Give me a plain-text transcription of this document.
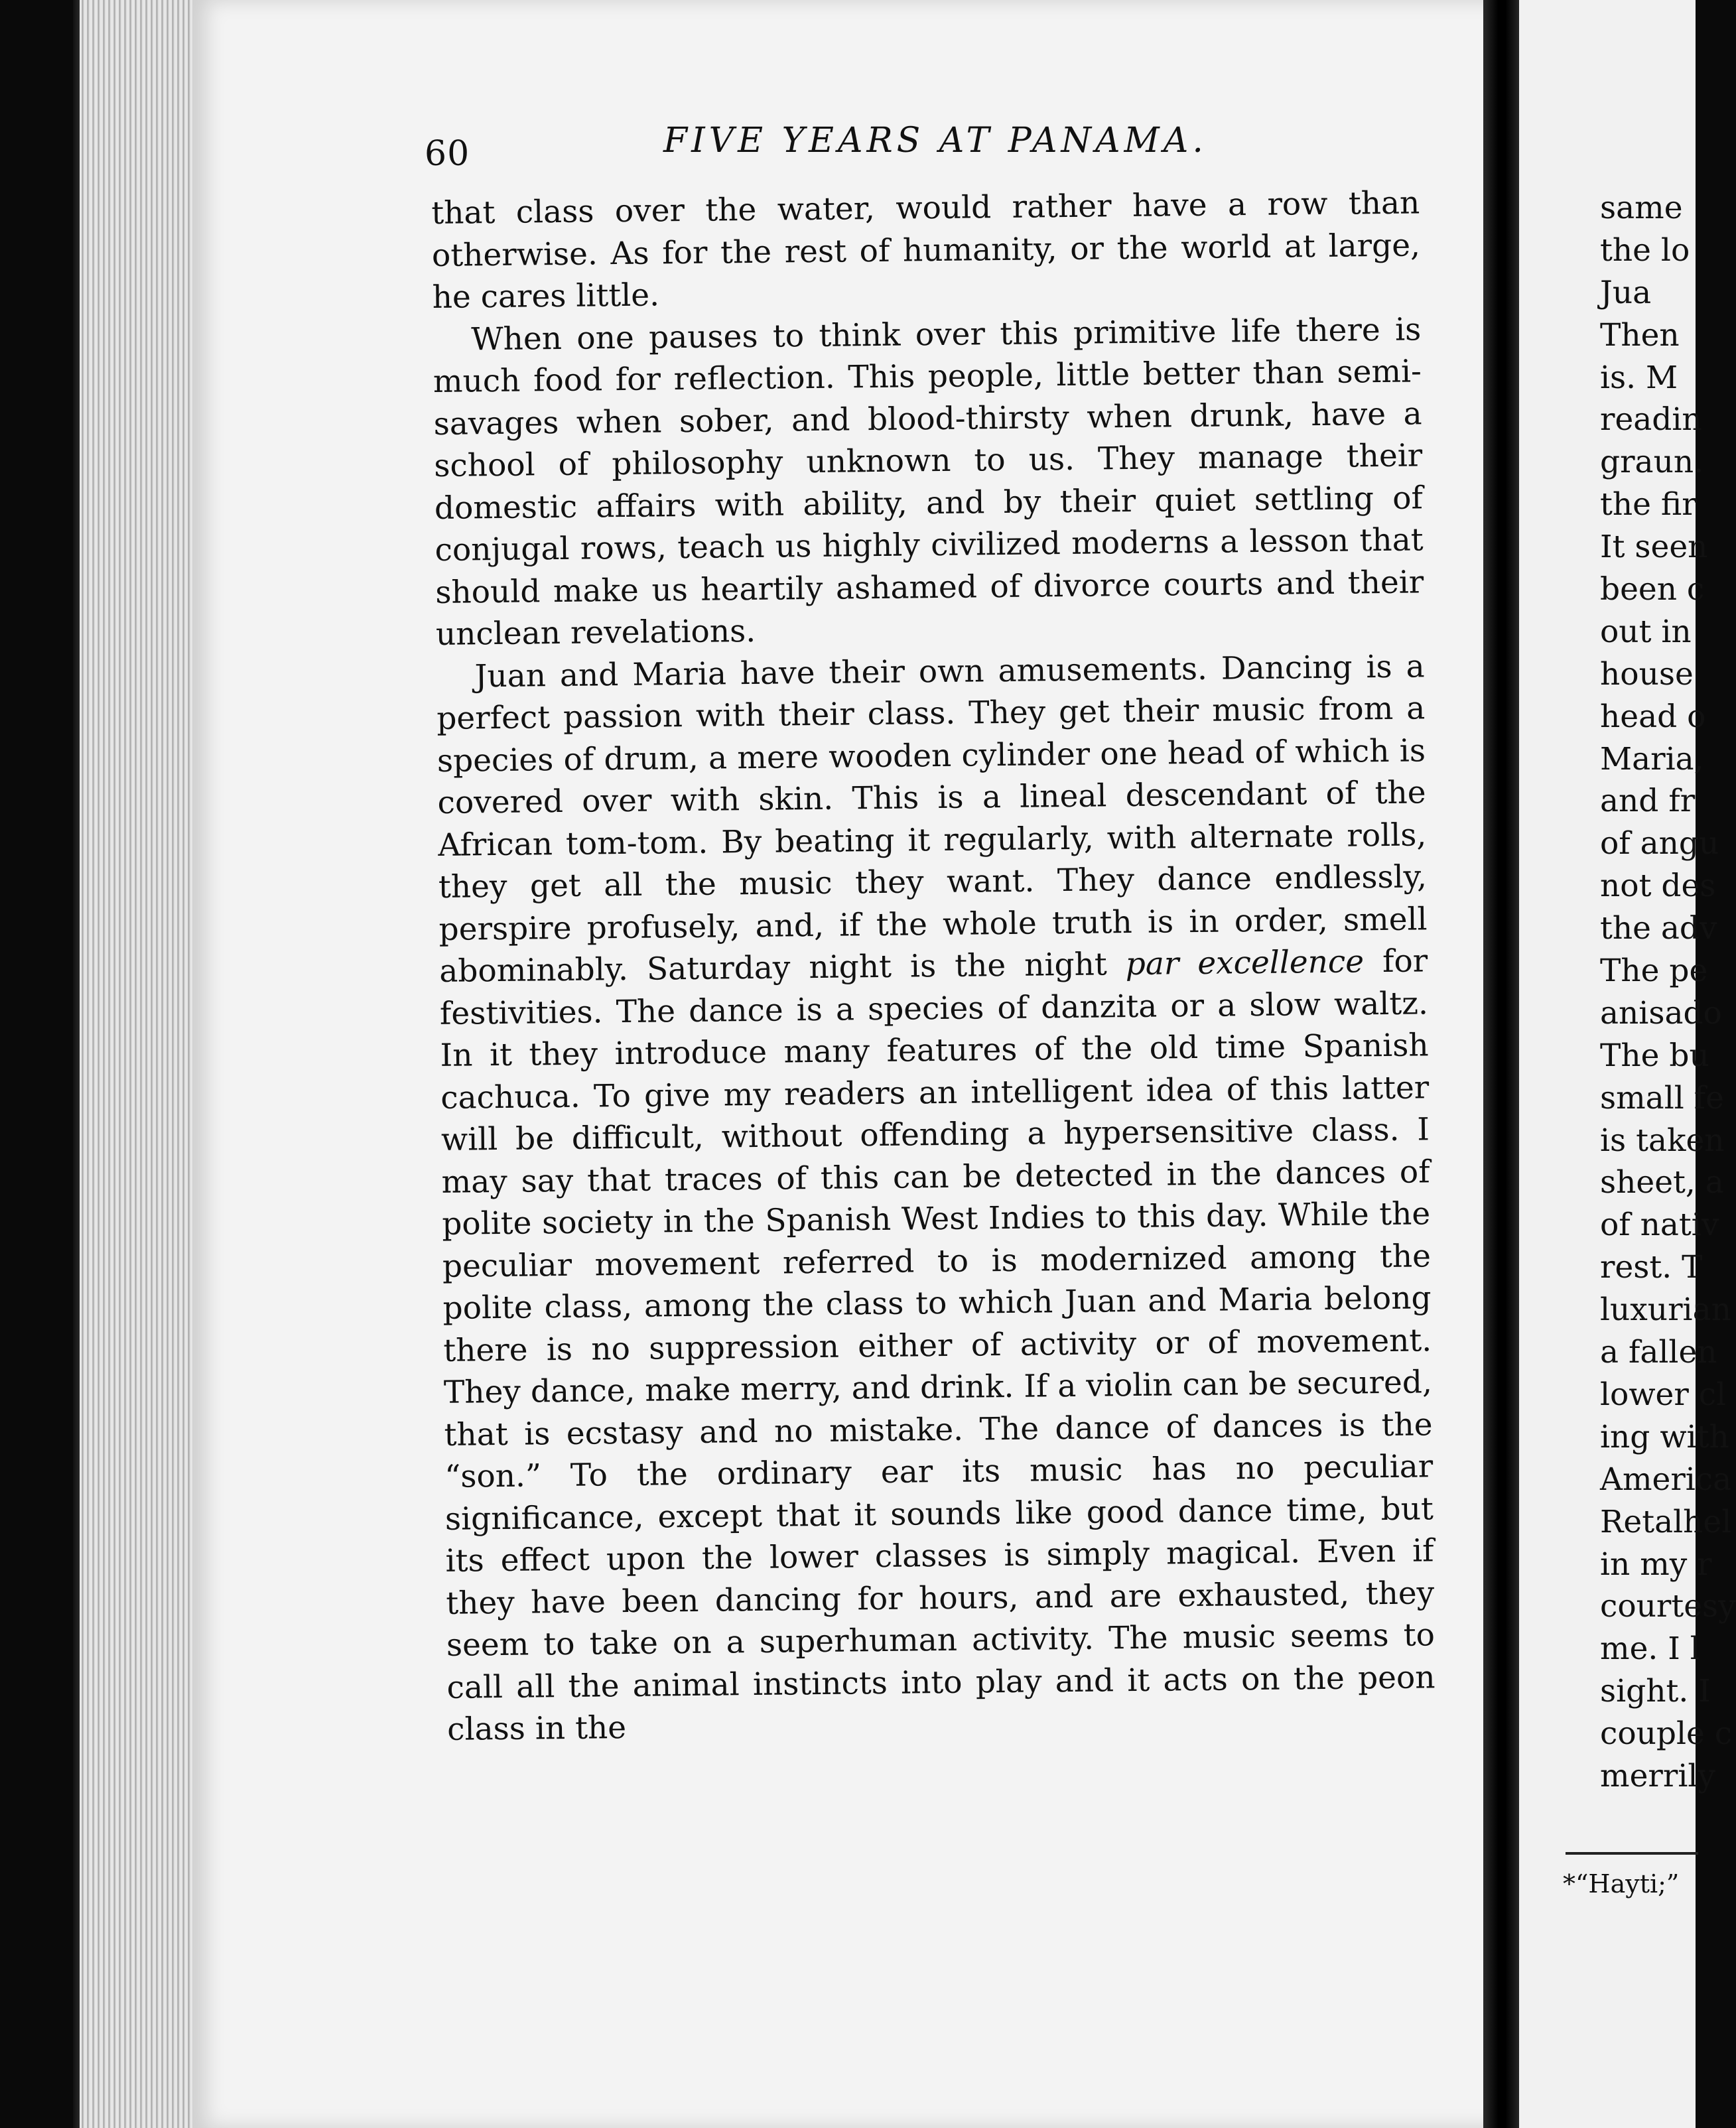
60	FIVE YEARS AT PANAMA.

that class over the water, would rather have a row than otherwise. As for the rest of humanity, or the world at large, he cares little.

When one pauses to think over this primitive life there is much food for reflection. This people, little better than semi-savages when sober, and blood-thirsty when drunk, have a school of philosophy unknown to us. They manage their domestic affairs with ability, and by their quiet settling of conjugal rows, teach us highly civilized moderns a lesson that should make us heartily ashamed of divorce courts and their unclean revelations.

Juan and Maria have their own amusements. Dancing is a perfect passion with their class. They get their music from a species of drum, a mere wooden cylinder one head of which is covered over with skin. This is a lineal descendant of the African tom-tom. By beating it regularly, with alternate rolls, they get all the music they want. They dance endlessly, perspire profusely, and, if the whole truth is in order, smell abominably. Saturday night is the night par excellence for festivities. The dance is a species of danzita or a slow waltz. In it they introduce many features of the old time Spanish cachuca. To give my readers an intelligent idea of this latter will be difficult, without offending a hypersensitive class. I may say that traces of this can be detected in the dances of polite society in the Spanish West Indies to this day. While the peculiar movement referred to is modernized among the polite class, among the class to which Juan and Maria belong there is no suppression either of activity or of movement. They dance, make merry, and drink. If a violin can be secured, that is ecstasy and no mistake. The dance of dances is the “son.” To the ordinary ear its music has no peculiar significance, except that it sounds like good dance time, but its effect upon the lower classes is simply magical. Even if they have been dancing for hours, and are exhausted, they seem to take on a superhuman activity. The music seems to call all the animal instincts into play and it acts on the peon class in the

same
the lo
Jua
Then
is. M
readin
graun.
the fir
It seen
been c
out in
house
head o
Maria,
and fr
of angu
not des
the adv
The pe
anisado
The bu
small fe
is taken
sheet, a
of nativ
rest. T
luxurian
a fallen
lower cl
ing with
America
Retalhel
in my r
courtesy
me. I l
sight. I
couple c
merrily
*“Hayti;”
